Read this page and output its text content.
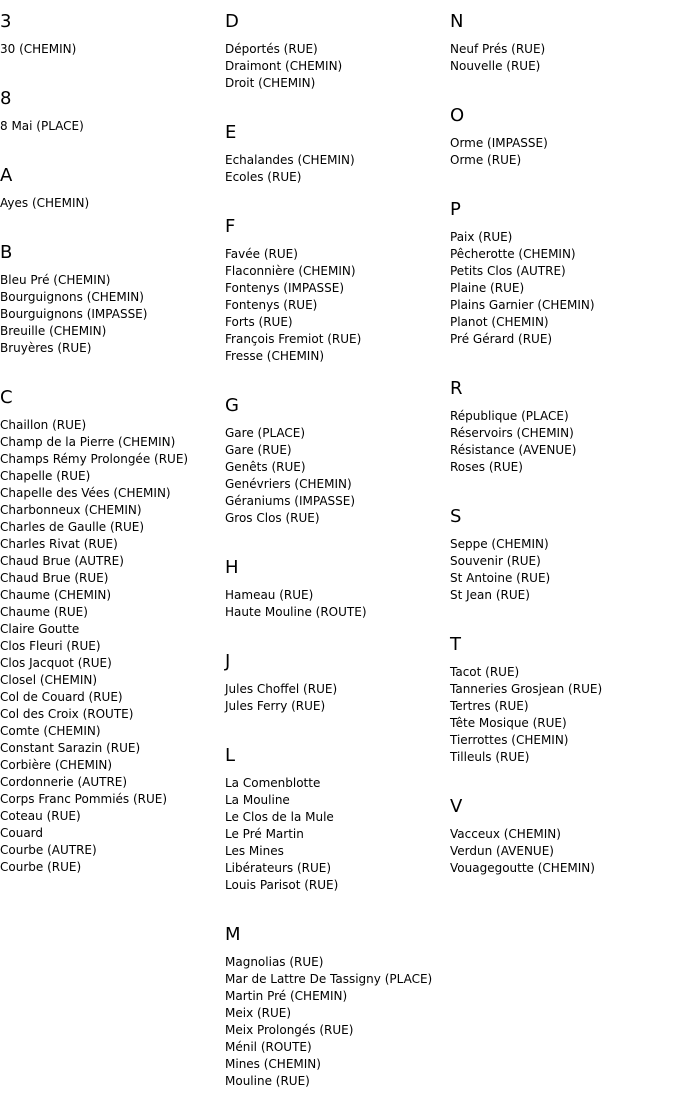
3
30 (CHEMIN)
8
8 Mai (PLACE)
A
Ayes (CHEMIN)
B
Bleu Pré (CHEMIN)
Bourguignons (CHEMIN)
Bourguignons (IMPASSE)
Breuille (CHEMIN)
Bruyères (RUE)
C
Chaillon (RUE)
Champ de la Pierre (CHEMIN)
Champs Rémy Prolongée (RUE)
Chapelle (RUE)
Chapelle des Vées (CHEMIN)
Charbonneux (CHEMIN)
Charles de Gaulle (RUE)
Charles Rivat (RUE)
Chaud Brue (AUTRE)
Chaud Brue (RUE)
Chaume (CHEMIN)
Chaume (RUE)
Claire Goutte
Clos Fleuri (RUE)
Clos Jacquot (RUE)
Closel (CHEMIN)
Col de Couard (RUE)
Col des Croix (ROUTE)
Comte (CHEMIN)
Constant Sarazin (RUE)
Corbière (CHEMIN)
Cordonnerie (AUTRE)
Corps Franc Pommiés (RUE)
Coteau (RUE)
Couard
Courbe (AUTRE)
Courbe (RUE)
D
Déportés (RUE)
Draimont (CHEMIN)
Droit (CHEMIN)
E
Echalandes (CHEMIN)
Ecoles (RUE)
F
Favée (RUE)
Flaconnière (CHEMIN)
Fontenys (IMPASSE)
Fontenys (RUE)
Forts (RUE)
François Fremiot (RUE)
Fresse (CHEMIN)
G
Gare (PLACE)
Gare (RUE)
Genêts (RUE)
Genévriers (CHEMIN)
Géraniums (IMPASSE)
Gros Clos (RUE)
H
Hameau (RUE)
Haute Mouline (ROUTE)
J
Jules Choffel (RUE)
Jules Ferry (RUE)
L
La Comenblotte
La Mouline
Le Clos de la Mule
Le Pré Martin
Les Mines
Libérateurs (RUE)
Louis Parisot (RUE)
M
Magnolias (RUE)
Mar de Lattre De Tassigny (PLACE)
Martin Pré (CHEMIN)
Meix (RUE)
Meix Prolongés (RUE)
Ménil (ROUTE)
Mines (CHEMIN)
Mouline (RUE)
N
Neuf Prés (RUE)
Nouvelle (RUE)
O
Orme (IMPASSE)
Orme (RUE)
P
Paix (RUE)
Pêcherotte (CHEMIN)
Petits Clos (AUTRE)
Plaine (RUE)
Plains Garnier (CHEMIN)
Planot (CHEMIN)
Pré Gérard (RUE)
R
République (PLACE)
Réservoirs (CHEMIN)
Résistance (AVENUE)
Roses (RUE)
S
Seppe (CHEMIN)
Souvenir (RUE)
St Antoine (RUE)
St Jean (RUE)
T
Tacot (RUE)
Tanneries Grosjean (RUE)
Tertres (RUE)
Tête Mosique (RUE)
Tierrottes (CHEMIN)
Tilleuls (RUE)
V
Vacceux (CHEMIN)
Verdun (AVENUE)
Vouagegoutte (CHEMIN)
